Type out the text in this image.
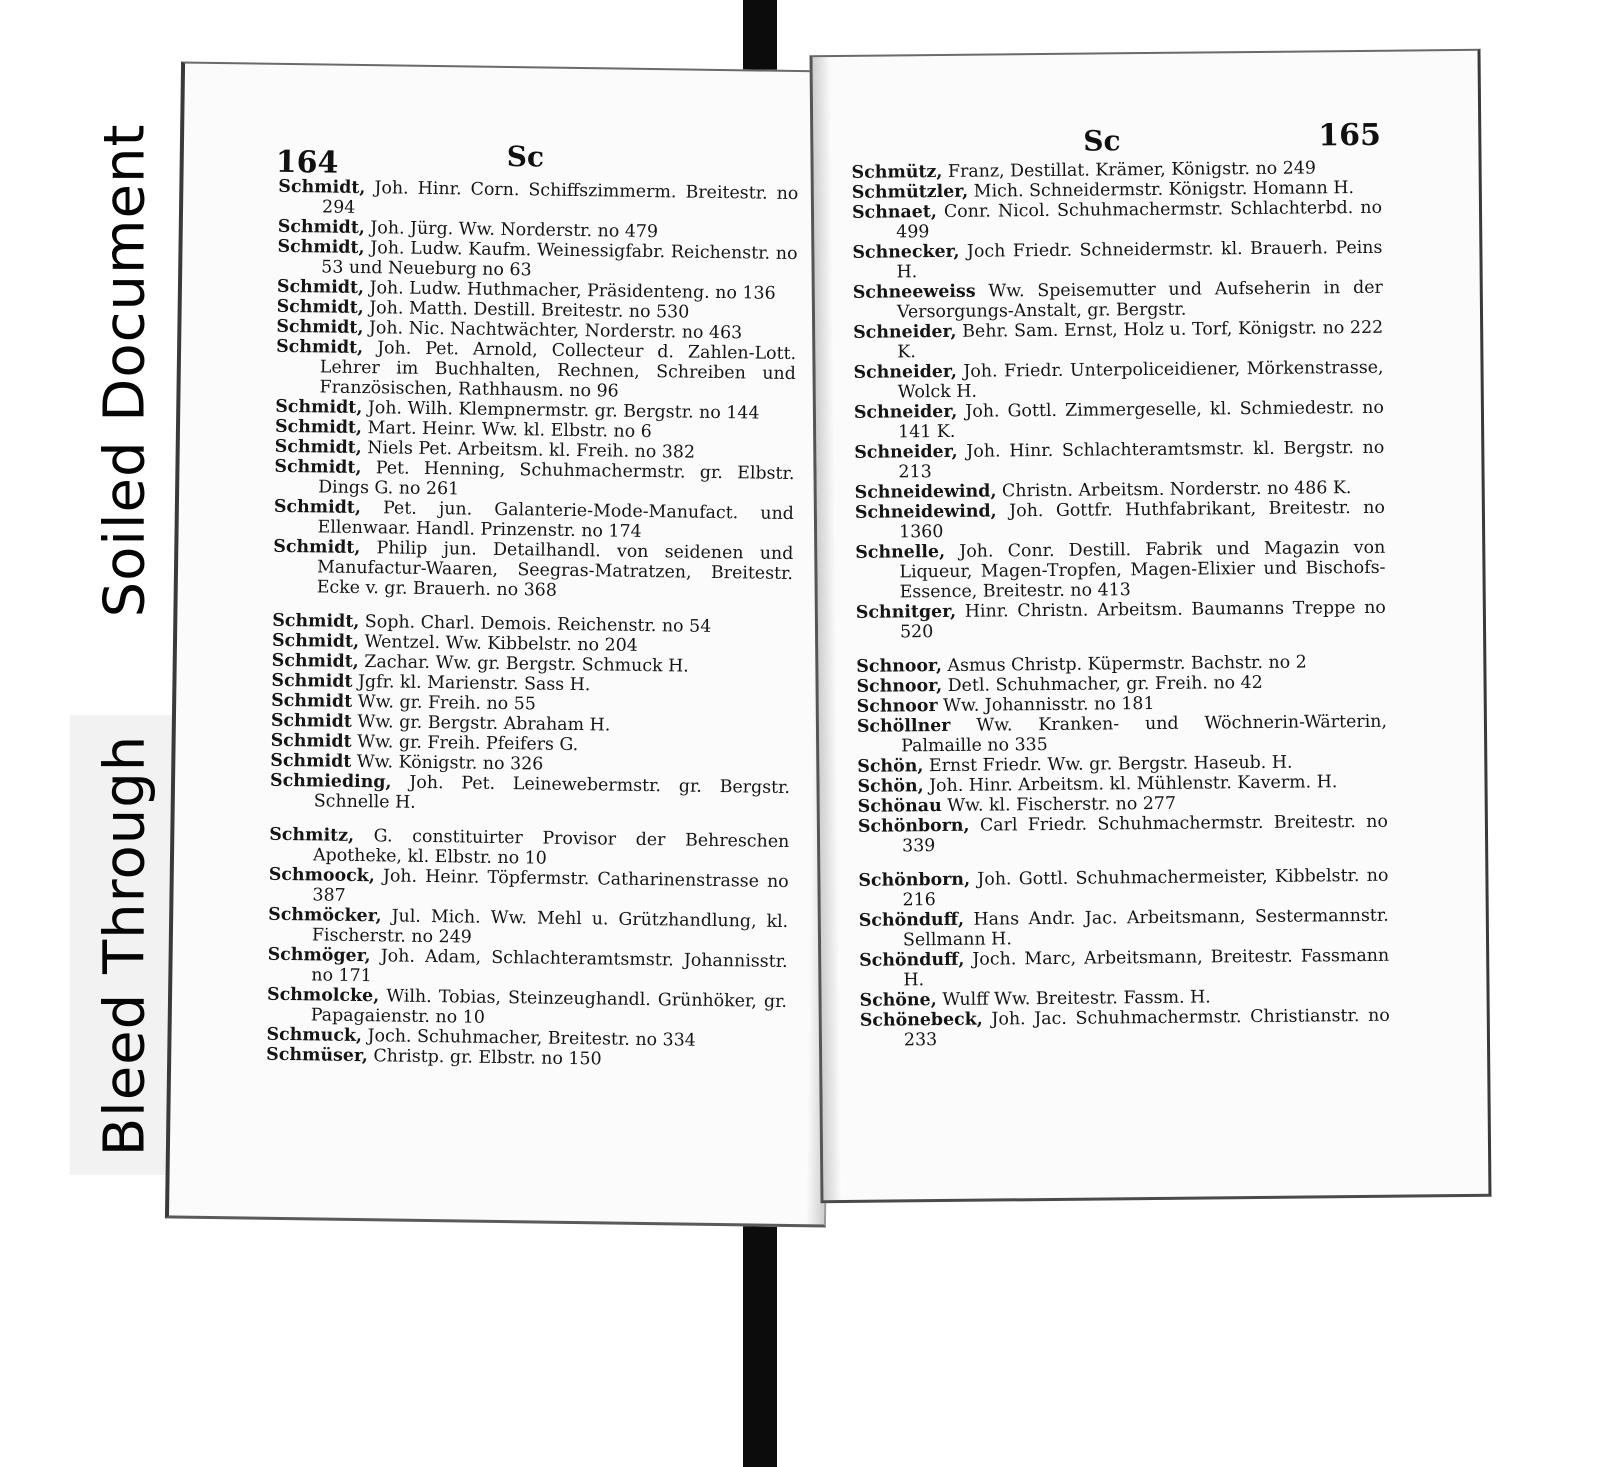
Soiled Document
Bleed Through
164	Sc
Schmidt, Joh. Hinr. Corn. Schiffszimmerm. Breitestr. no 294
Schmidt, Joh. Jürg. Ww. Norderstr. no 479
Schmidt, Joh. Ludw. Kaufm. Weinessigfabr. Reichenstr. no 53 und Neueburg no 63
Schmidt, Joh. Ludw. Huthmacher, Präsidenteng. no 136
Schmidt, Joh. Matth. Destill. Breitestr. no 530
Schmidt, Joh. Nic. Nachtwächter, Norderstr. no 463
Schmidt, Joh. Pet. Arnold, Collecteur d. Zahlen-Lott. Lehrer im Buchhalten, Rechnen, Schreiben und Französischen, Rathhausm. no 96
Schmidt, Joh. Wilh. Klempnermstr. gr. Bergstr. no 144
Schmidt, Mart. Heinr. Ww. kl. Elbstr. no 6
Schmidt, Niels Pet. Arbeitsm. kl. Freih. no 382
Schmidt, Pet. Henning, Schuhmachermstr. gr. Elbstr. Dings G. no 261
Schmidt, Pet. jun. Galanterie-Mode-Manufact. und Ellenwaar. Handl. Prinzenstr. no 174
Schmidt, Philip jun. Detailhandl. von seidenen und Manufactur-Waaren, Seegras-Matratzen, Breitestr. Ecke v. gr. Brauerh. no 368
Schmidt, Soph. Charl. Demois. Reichenstr. no 54
Schmidt, Wentzel. Ww. Kibbelstr. no 204
Schmidt, Zachar. Ww. gr. Bergstr. Schmuck H.
Schmidt Jgfr. kl. Marienstr. Sass H.
Schmidt Ww. gr. Freih. no 55
Schmidt Ww. gr. Bergstr. Abraham H.
Schmidt Ww. gr. Freih. Pfeifers G.
Schmidt Ww. Königstr. no 326
Schmieding, Joh. Pet. Leinewebermstr. gr. Bergstr. Schnelle H.
Schmitz, G. constituirter Provisor der Behreschen Apotheke, kl. Elbstr. no 10
Schmoock, Joh. Heinr. Töpfermstr. Catharinenstrasse no 387
Schmöcker, Jul. Mich. Ww. Mehl u. Grützhandlung, kl. Fischerstr. no 249
Schmöger, Joh. Adam, Schlachteramtsmstr. Johannisstr. no 171
Schmolcke, Wilh. Tobias, Steinzeughandl. Grünhöker, gr. Papagaienstr. no 10
Schmuck, Joch. Schuhmacher, Breitestr. no 334
Schmüser, Christp. gr. Elbstr. no 150
Sc	165
Schmütz, Franz, Destillat. Krämer, Königstr. no 249
Schmützler, Mich. Schneidermstr. Königstr. Homann H.
Schnaet, Conr. Nicol. Schuhmachermstr. Schlachterbd. no 499
Schnecker, Joch Friedr. Schneidermstr. kl. Brauerh. Peins H.
Schneeweiss Ww. Speisemutter und Aufseherin in der Versorgungs-Anstalt, gr. Bergstr.
Schneider, Behr. Sam. Ernst, Holz u. Torf, Königstr. no 222 K.
Schneider, Joh. Friedr. Unterpoliceidiener, Mörkenstrasse, Wolck H.
Schneider, Joh. Gottl. Zimmergeselle, kl. Schmiedestr. no 141 K.
Schneider, Joh. Hinr. Schlachteramtsmstr. kl. Bergstr. no 213
Schneidewind, Christn. Arbeitsm. Norderstr. no 486 K.
Schneidewind, Joh. Gottfr. Huthfabrikant, Breitestr. no 1360
Schnelle, Joh. Conr. Destill. Fabrik und Magazin von Liqueur, Magen-Tropfen, Magen-Elixier und Bischofs-Essence, Breitestr. no 413
Schnitger, Hinr. Christn. Arbeitsm. Baumanns Treppe no 520
Schnoor, Asmus Christp. Küpermstr. Bachstr. no 2
Schnoor, Detl. Schuhmacher, gr. Freih. no 42
Schnoor Ww. Johannisstr. no 181
Schöllner Ww. Kranken- und Wöchnerin-Wärterin, Palmaille no 335
Schön, Ernst Friedr. Ww. gr. Bergstr. Haseub. H.
Schön, Joh. Hinr. Arbeitsm. kl. Mühlenstr. Kaverm. H.
Schönau Ww. kl. Fischerstr. no 277
Schönborn, Carl Friedr. Schuhmachermstr. Breitestr. no 339
Schönborn, Joh. Gottl. Schuhmachermeister, Kibbelstr. no 216
Schönduff, Hans Andr. Jac. Arbeitsmann, Sestermannstr. Sellmann H.
Schönduff, Joch. Marc, Arbeitsmann, Breitestr. Fassmann H.
Schöne, Wulff Ww. Breitestr. Fassm. H.
Schönebeck, Joh. Jac. Schuhmachermstr. Christianstr. no 233
